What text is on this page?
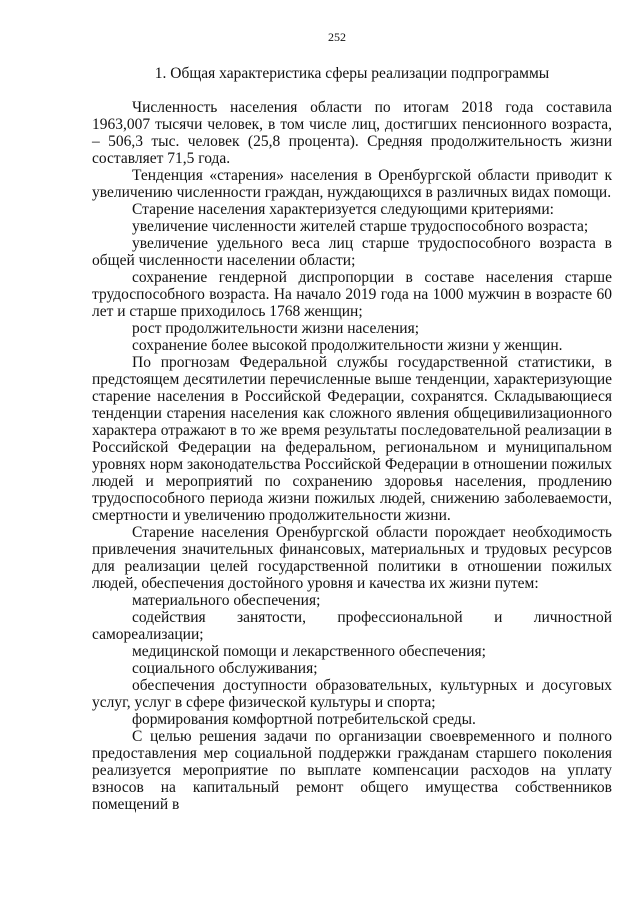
252
1. Общая характеристика сферы реализации подпрограммы

Численность населения области по итогам 2018 года составила 1963,007 тысячи человек, в том числе лиц, достигших пенсионного возраста, – 506,3 тыс. человек (25,8 процента). Средняя продолжительность жизни составляет 71,5 года.

Тенденция «старения» населения в Оренбургской области приводит к увеличению численности граждан, нуждающихся в различных видах помощи.

Старение населения характеризуется следующими критериями:

увеличение численности жителей старше трудоспособного возраста;

увеличение удельного веса лиц старше трудоспособного возраста в общей численности населении области;

сохранение гендерной диспропорции в составе населения старше трудоспособного возраста. На начало 2019 года на 1000 мужчин в возрасте 60 лет и старше приходилось 1768 женщин;

рост продолжительности жизни населения;

сохранение более высокой продолжительности жизни у женщин.

По прогнозам Федеральной службы государственной статистики, в предстоящем десятилетии перечисленные выше тенденции, характеризующие старение населения в Российской Федерации, сохранятся. Складывающиеся тенденции старения населения как сложного явления общецивилизационного характера отражают в то же время результаты последовательной реализации в Российской Федерации на федеральном, региональном и муниципальном уровнях норм законодательства Российской Федерации в отношении пожилых людей и мероприятий по сохранению здоровья населения, продлению трудоспособного периода жизни пожилых людей, снижению заболеваемости, смертности и увеличению продолжительности жизни.

Старение населения Оренбургской области порождает необходимость привлечения значительных финансовых, материальных и трудовых ресурсов для реализации целей государственной политики в отношении пожилых людей, обеспечения достойного уровня и качества их жизни путем:

материального обеспечения;

содействия занятости, профессиональной и личностной самореализации;

медицинской помощи и лекарственного обеспечения;

социального обслуживания;

обеспечения доступности образовательных, культурных и досуговых услуг, услуг в сфере физической культуры и спорта;

формирования комфортной потребительской среды.

С целью решения задачи по организации своевременного и полного предоставления мер социальной поддержки гражданам старшего поколения реализуется мероприятие по выплате компенсации расходов на уплату взносов на капитальный ремонт общего имущества собственников помещений в
